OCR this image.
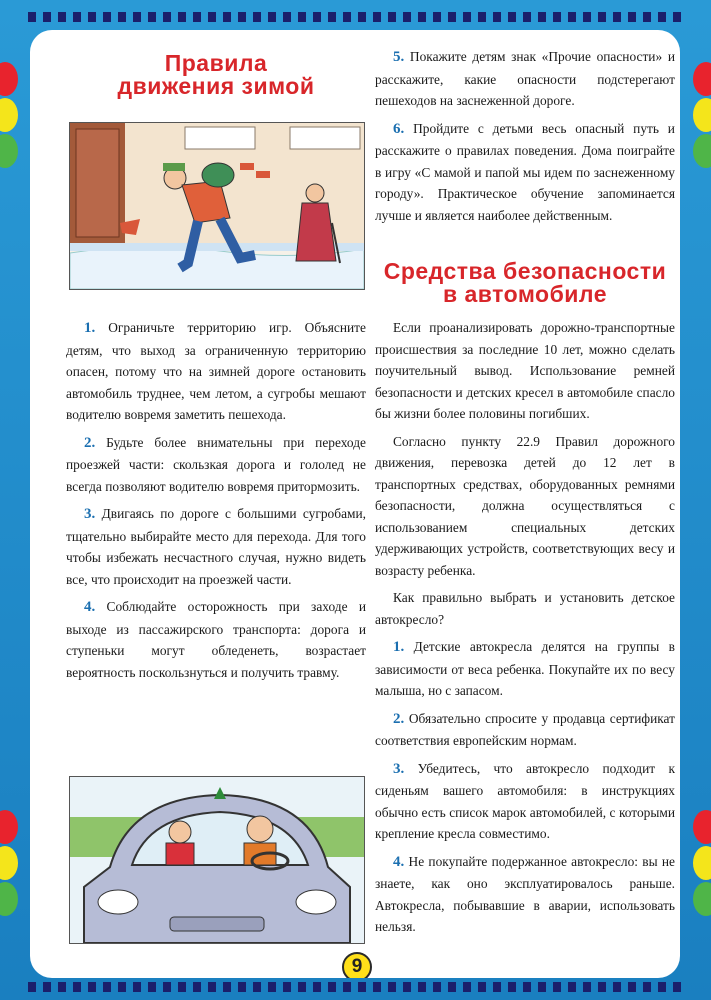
Правила
движения зимой

1. Ограничьте территорию игр. Объясните детям, что выход за ограниченную территорию опасен, потому что на зимней дороге остановить автомобиль труднее, чем летом, а сугробы мешают водителю вовремя заметить пешехода.

2. Будьте более внимательны при переходе проезжей части: скользкая дорога и гололед не всегда позволяют водителю вовремя притормозить.

3. Двигаясь по дороге с большими сугробами, тщательно выбирайте место для перехода. Для того чтобы избежать несчастного случая, нужно видеть все, что происходит на проезжей части.

4. Соблюдайте осторожность при заходе и выходе из пассажирского транспорта: дорога и ступеньки могут обледенеть, возрастает вероятность поскользнуться и получить травму.

5. Покажите детям знак «Прочие опасности» и расскажите, какие опасности подстерегают пешеходов на заснеженной дороге.

6. Пройдите с детьми весь опасный путь и расскажите о правилах поведения. Дома поиграйте в игру «С мамой и папой мы идем по заснеженному городу». Практическое обучение запоминается лучше и является наиболее действенным.

Средства безопасности
в автомобиле

Если проанализировать дорожно-транспортные происшествия за последние 10 лет, можно сделать поучительный вывод. Использование ремней безопасности и детских кресел в автомобиле спасло бы жизни более половины погибших.

Согласно пункту 22.9 Правил дорожного движения, перевозка детей до 12 лет в транспортных средствах, оборудованных ремнями безопасности, должна осуществляться с использованием специальных детских удерживающих устройств, соответствующих весу и возрасту ребенка.

Как правильно выбрать и установить детское автокресло?

1. Детские автокресла делятся на группы в зависимости от веса ребенка. Покупайте их по весу малыша, но с запасом.

2. Обязательно спросите у продавца сертификат соответствия европейским нормам.

3. Убедитесь, что автокресло подходит к сиденьям вашего автомобиля: в инструкциях обычно есть список марок автомобилей, с которыми крепление кресла совместимо.

4. Не покупайте подержанное автокресло: вы не знаете, как оно эксплуатировалось раньше. Автокресла, побывавшие в аварии, использовать нельзя.

9
